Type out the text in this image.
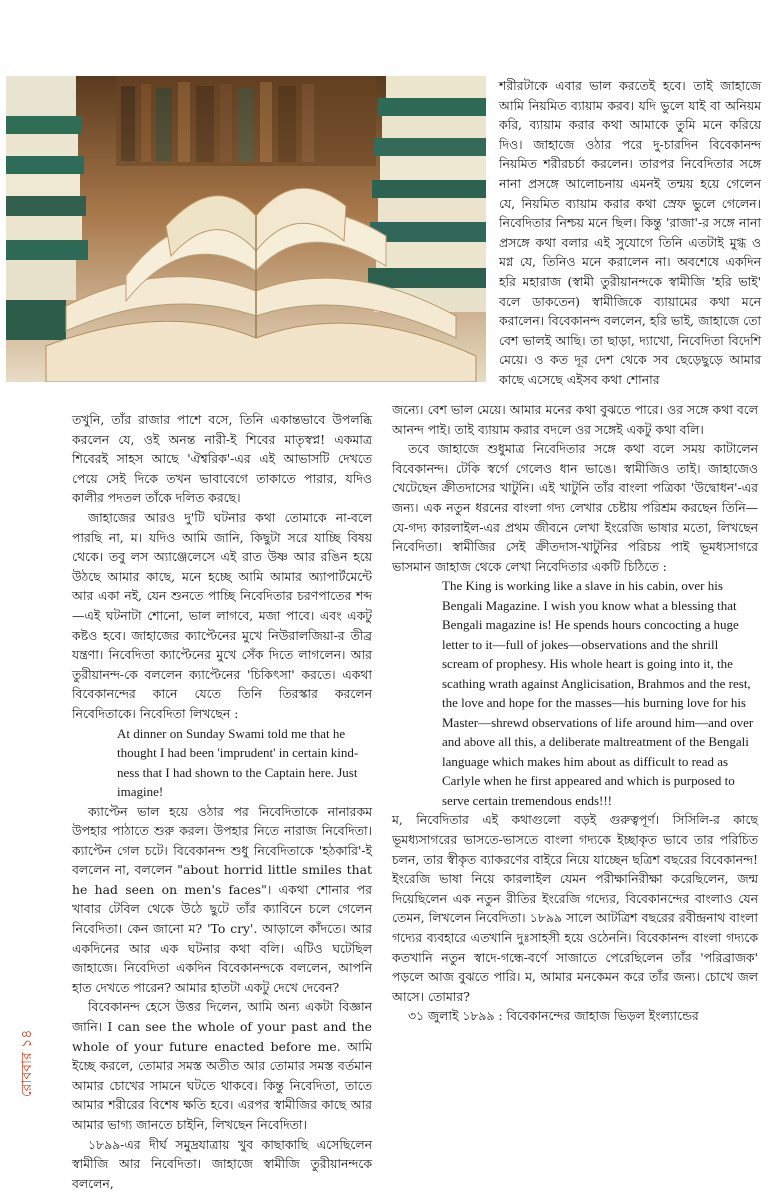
শরীরটাকে এবার ভাল করতেই হবে। তাই জাহাজে আমি নিয়মিত ব্যায়াম করব। যদি ভুলে যাই বা অনিয়ম করি, ব্যায়াম করার কথা আমাকে তুমি মনে করিয়ে দিও। জাহাজে ওঠার পরে দু-চারদিন বিবেকানন্দ নিয়মিত শরীরচর্চা করলেন। তারপর নিবেদিতার সঙ্গে নানা প্রসঙ্গে আলোচনায় এমনই তন্ময় হয়ে গেলেন যে, নিয়মিত ব্যায়াম করার কথা স্রেফ ভুলে গেলেন। নিবেদিতার নিশ্চয় মনে ছিল। কিন্তু 'রাজা'-র সঙ্গে নানা প্রসঙ্গে কথা বলার এই সুযোগে তিনি এতটাই মুগ্ধ ও মগ্ন যে, তিনিও মনে করালেন না। অবশেষে একদিন হরি মহারাজ (স্বামী তুরীয়ানন্দকে স্বামীজি 'হরি ভাই' বলে ডাকতেন) স্বামীজিকে ব্যায়ামের কথা মনে করালেন। বিবেকানন্দ বললেন, হরি ভাই, জাহাজে তো বেশ ভালই আছি। তা ছাড়া, দ্যাখো, নিবেদিতা বিদেশি মেয়ে। ও কত দূর দেশ থেকে সব ছেড়েছুড়ে আমার কাছে এসেছে এইসব কথা শোনার

তখুনি, তাঁর রাজার পাশে বসে, তিনি একান্তভাবে উপলব্ধি করলেন যে, ওই অনন্ত নারী-ই শিবের মাতৃস্বপ্ন! একমাত্র শিবেরই সাহস আছে 'ঐশ্বরিক'-এর এই আভাসটি দেখতে পেয়ে সেই দিকে তখন ভাবাবেগে তাকাতে পারার, যদিও কালীর পদতল তাঁকে দলিত করছে।

জাহাজের আরও দু'টি ঘটনার কথা তোমাকে না-বলে পারছি না, ম। যদিও আমি জানি, কিছুটা সরে যাচ্ছি বিষয় থেকে। তবু লস অ্যাঞ্জেলেসে এই রাত উষ্ণ আর রঙিন হয়ে উঠছে আমার কাছে, মনে হচ্ছে আমি আমার অ্যাপার্টমেন্টে আর একা নই, যেন শুনতে পাচ্ছি নিবেদিতার চরণপাতের শব্দ—এই ঘটনাটা শোনো, ভাল লাগবে, মজা পাবে। এবং একটু কষ্টও হবে। জাহাজের ক্যাপ্টেনের মুখে নিউরালজিয়া-র তীব্র যন্ত্রণা। নিবেদিতা ক্যাপ্টেনের মুখে সেঁক দিতে লাগলেন। আর তুরীয়ানন্দ-কে বললেন ক্যাপ্টেনের 'চিকিৎসা' করতে। একথা বিবেকানন্দের কানে যেতে তিনি তিরস্কার করলেন নিবেদিতাকে। নিবেদিতা লিখছেন :

At dinner on Sunday Swami told me that he thought I had been 'imprudent' in certain kind- ness that I had shown to the Captain here. Just imagine!

ক্যাপ্টেন ভাল হয়ে ওঠার পর নিবেদিতাকে নানারকম উপহার পাঠাতে শুরু করল। উপহার নিতে নারাজ নিবেদিতা। ক্যাপ্টেন গেল চটে। বিবেকানন্দ শুধু নিবেদিতাকে 'হঠকারি'-ই বললেন না, বললেন "about horrid little smiles that he had seen on men's faces"। একথা শোনার পর খাবার টেবিল থেকে উঠে ছুটে তাঁর ক্যাবিনে চলে গেলেন নিবেদিতা। কেন জানো ম? 'To cry'. আড়ালে কাঁদতে। আর একদিনের আর এক ঘটনার কথা বলি। এটিও ঘটেছিল জাহাজে। নিবেদিতা একদিন বিবেকানন্দকে বললেন, আপনি হাত দেখতে পারেন? আমার হাতটা একটু দেখে দেবেন?

বিবেকানন্দ হেসে উত্তর দিলেন, আমি অন্য একটা বিজ্ঞান জানি। I can see the whole of your past and the whole of your future enacted before me. আমি ইচ্ছে করলে, তোমার সমস্ত অতীত আর তোমার সমস্ত বর্তমান আমার চোখের সামনে ঘটতে থাকবে। কিন্তু নিবেদিতা, তাতে আমার শরীরের বিশেষ ক্ষতি হবে। এরপর স্বামীজির কাছে আর আমার ভাগ্য জানতে চাইনি, লিখছেন নিবেদিতা।

১৮৯৯-এর দীর্ঘ সমুদ্রযাত্রায় খুব কাছাকাছি এসেছিলেন স্বামীজি আর নিবেদিতা। জাহাজে স্বামীজি তুরীয়ানন্দকে বললেন,

জন্যে। বেশ ভাল মেয়ে। আমার মনের কথা বুঝতে পারে। ওর সঙ্গে কথা বলে আনন্দ পাই। তাই ব্যায়াম করার বদলে ওর সঙ্গেই একটু কথা বলি।

তবে জাহাজে শুধুমাত্র নিবেদিতার সঙ্গে কথা বলে সময় কাটালেন বিবেকানন্দ। টেকি স্বর্গে গেলেও ধান ভাঙে। স্বামীজিও তাই। জাহাজেও খেটেছেন ক্রীতদাসের খাটুনি। এই খাটুনি তাঁর বাংলা পত্রিকা 'উদ্বোধন'-এর জন্য। এক নতুন ধরনের বাংলা গদ্য লেখার চেষ্টায় পরিশ্রম করছেন তিনি—যে-গদ্য কারলাইল-এর প্রথম জীবনে লেখা ইংরেজি ভাষার মতো, লিখছেন নিবেদিতা। স্বামীজির সেই ক্রীতদাস-খাটুনির পরিচয় পাই ভূমধ্যসাগরে ভাসমান জাহাজ থেকে লেখা নিবেদিতার একটি চিঠিতে :

The King is working like a slave in his cabin, over his Bengali Magazine. I wish you know what a blessing that Bengali magazine is! He spends hours concocting a huge letter to it—full of jokes—observations and the shrill scream of prophesy. His whole heart is going into it, the scathing wrath against Anglicisation, Brahmos and the rest, the love and hope for the masses—his burning love for his Master—shrewd observations of life around him—and over and above all this, a deliberate maltreatment of the Bengali language which makes him about as difficult to read as Carlyle when he first appeared and which is purposed to serve certain tremendous ends!!!

ম, নিবেদিতার এই কথাগুলো বড়ই গুরুত্বপূর্ণ। সিসিলি-র কাছে ভূমধ্যসাগরের ভাসতে-ভাসতে বাংলা গদ্যকে ইচ্ছাকৃত ভাবে তার পরিচিত চলন, তার স্বীকৃত ব্যাকরণের বাইরে নিয়ে যাচ্ছেন ছত্রিশ বছরের বিবেকানন্দ! ইংরেজি ভাষা নিয়ে কারলাইল যেমন পরীক্ষানিরীক্ষা করেছিলেন, জন্ম দিয়েছিলেন এক নতুন রীতির ইংরেজি গদ্যের, বিবেকানন্দের বাংলাও যেন তেমন, লিখলেন নিবেদিতা। ১৮৯৯ সালে আটত্রিশ বছরের রবীন্দ্রনাথ বাংলা গদ্যের ব্যবহারে এতখানি দুঃসাহসী হয়ে ওঠেননি। বিবেকানন্দ বাংলা গদ্যকে কতখানি নতুন স্বাদে-গন্ধে-বর্ণে সাজাতে পেরেছিলেন তাঁর 'পরিব্রাজক' পড়লে আজ বুঝতে পারি। ম, আমার মনকেমন করে তাঁর জন্য। চোখে জল আসে। তোমার?

৩১ জুলাই ১৮৯৯ : বিবেকানন্দের জাহাজ ভিড়ল ইংল্যান্ডের

রোববার ১৪
